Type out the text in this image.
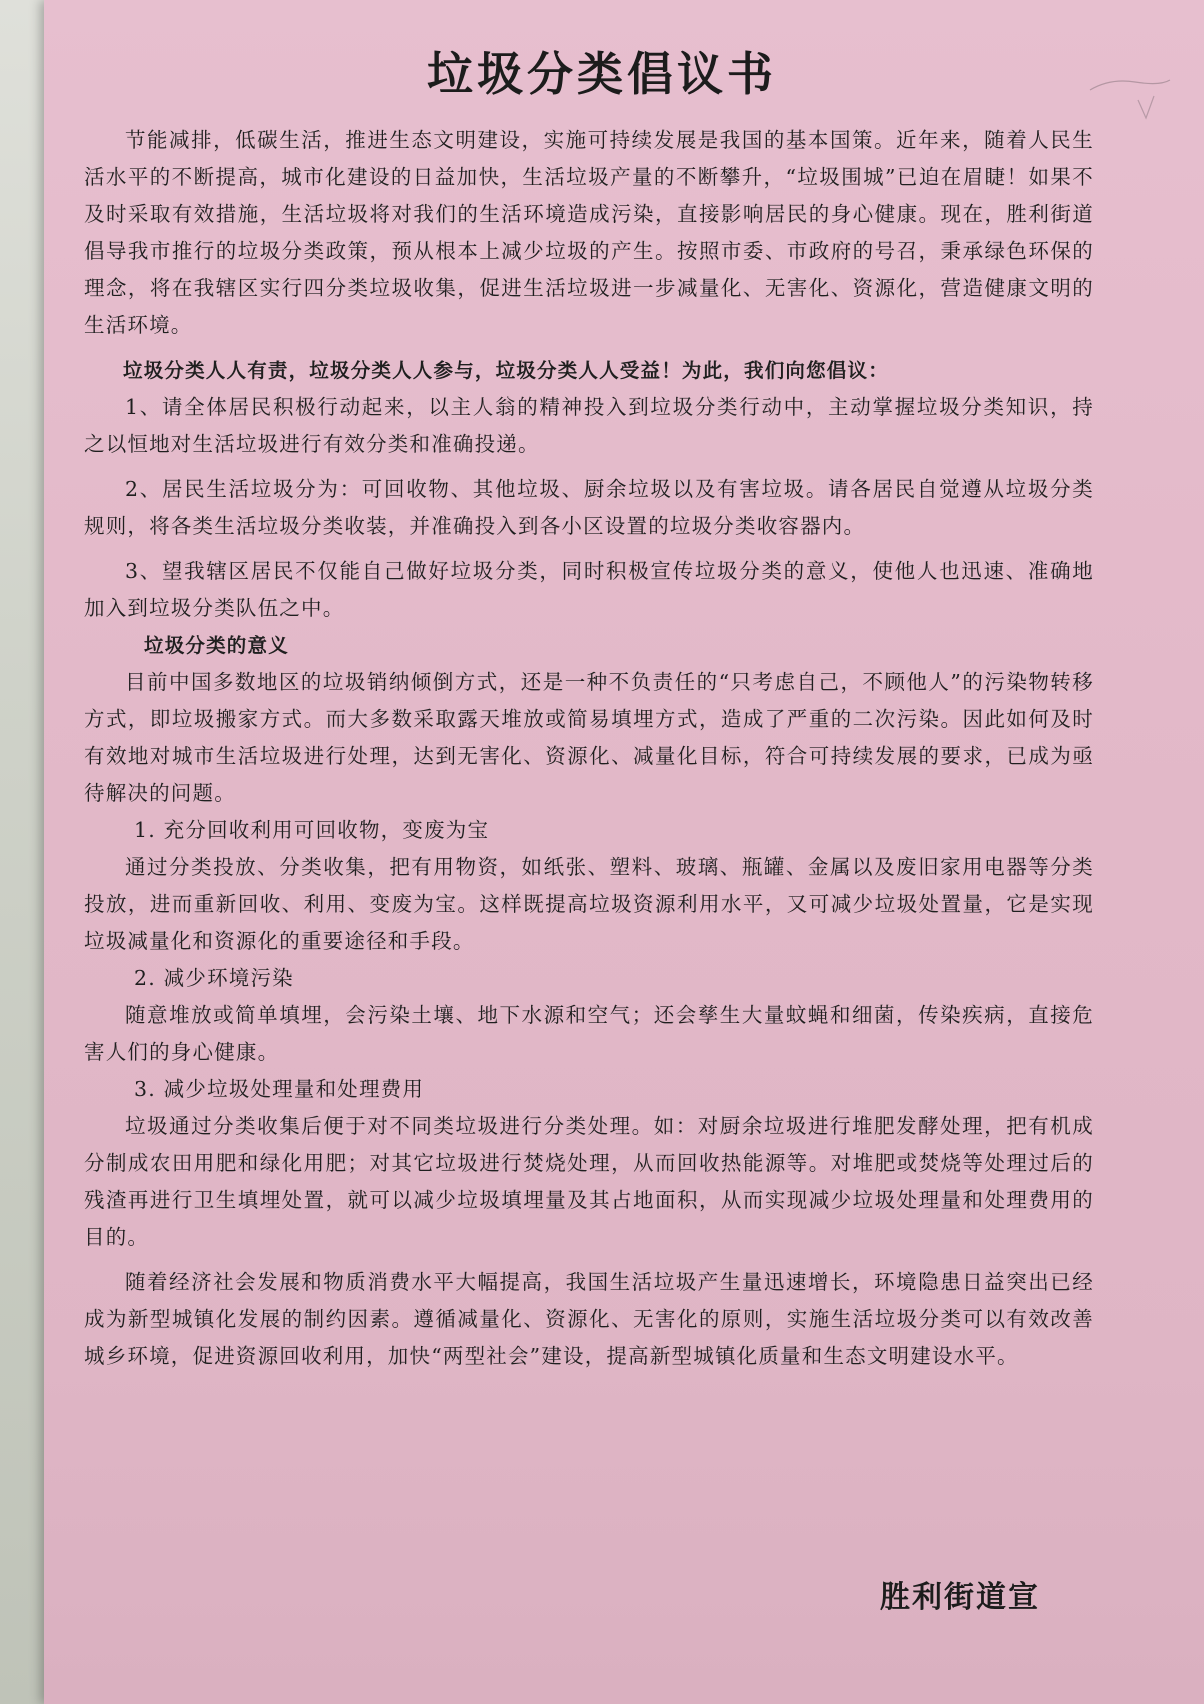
垃圾分类倡议书

节能减排，低碳生活，推进生态文明建设，实施可持续发展是我国的基本国策。近年来，随着人民生活水平的不断提高，城市化建设的日益加快，生活垃圾产量的不断攀升，“垃圾围城”已迫在眉睫！如果不及时采取有效措施，生活垃圾将对我们的生活环境造成污染，直接影响居民的身心健康。现在，胜利街道倡导我市推行的垃圾分类政策，预从根本上减少垃圾的产生。按照市委、市政府的号召，秉承绿色环保的理念，将在我辖区实行四分类垃圾收集，促进生活垃圾进一步减量化、无害化、资源化，营造健康文明的生活环境。

垃圾分类人人有责，垃圾分类人人参与，垃圾分类人人受益！为此，我们向您倡议：

1、请全体居民积极行动起来，以主人翁的精神投入到垃圾分类行动中，主动掌握垃圾分类知识，持之以恒地对生活垃圾进行有效分类和准确投递。

2、居民生活垃圾分为：可回收物、其他垃圾、厨余垃圾以及有害垃圾。请各居民自觉遵从垃圾分类规则，将各类生活垃圾分类收装，并准确投入到各小区设置的垃圾分类收容器内。

3、望我辖区居民不仅能自己做好垃圾分类，同时积极宣传垃圾分类的意义，使他人也迅速、准确地加入到垃圾分类队伍之中。

垃圾分类的意义

目前中国多数地区的垃圾销纳倾倒方式，还是一种不负责任的“只考虑自己，不顾他人”的污染物转移方式，即垃圾搬家方式。而大多数采取露天堆放或简易填埋方式，造成了严重的二次污染。因此如何及时有效地对城市生活垃圾进行处理，达到无害化、资源化、减量化目标，符合可持续发展的要求，已成为亟待解决的问题。

1. 充分回收利用可回收物，变废为宝

通过分类投放、分类收集，把有用物资，如纸张、塑料、玻璃、瓶罐、金属以及废旧家用电器等分类投放，进而重新回收、利用、变废为宝。这样既提高垃圾资源利用水平，又可减少垃圾处置量，它是实现垃圾减量化和资源化的重要途径和手段。

2. 减少环境污染

随意堆放或简单填埋，会污染土壤、地下水源和空气；还会孳生大量蚊蝇和细菌，传染疾病，直接危害人们的身心健康。

3. 减少垃圾处理量和处理费用

垃圾通过分类收集后便于对不同类垃圾进行分类处理。如：对厨余垃圾进行堆肥发酵处理，把有机成分制成农田用肥和绿化用肥；对其它垃圾进行焚烧处理，从而回收热能源等。对堆肥或焚烧等处理过后的残渣再进行卫生填埋处置，就可以减少垃圾填埋量及其占地面积，从而实现减少垃圾处理量和处理费用的目的。

随着经济社会发展和物质消费水平大幅提高，我国生活垃圾产生量迅速增长，环境隐患日益突出已经成为新型城镇化发展的制约因素。遵循减量化、资源化、无害化的原则，实施生活垃圾分类可以有效改善城乡环境，促进资源回收利用，加快“两型社会”建设，提高新型城镇化质量和生态文明建设水平。

胜利街道宣
